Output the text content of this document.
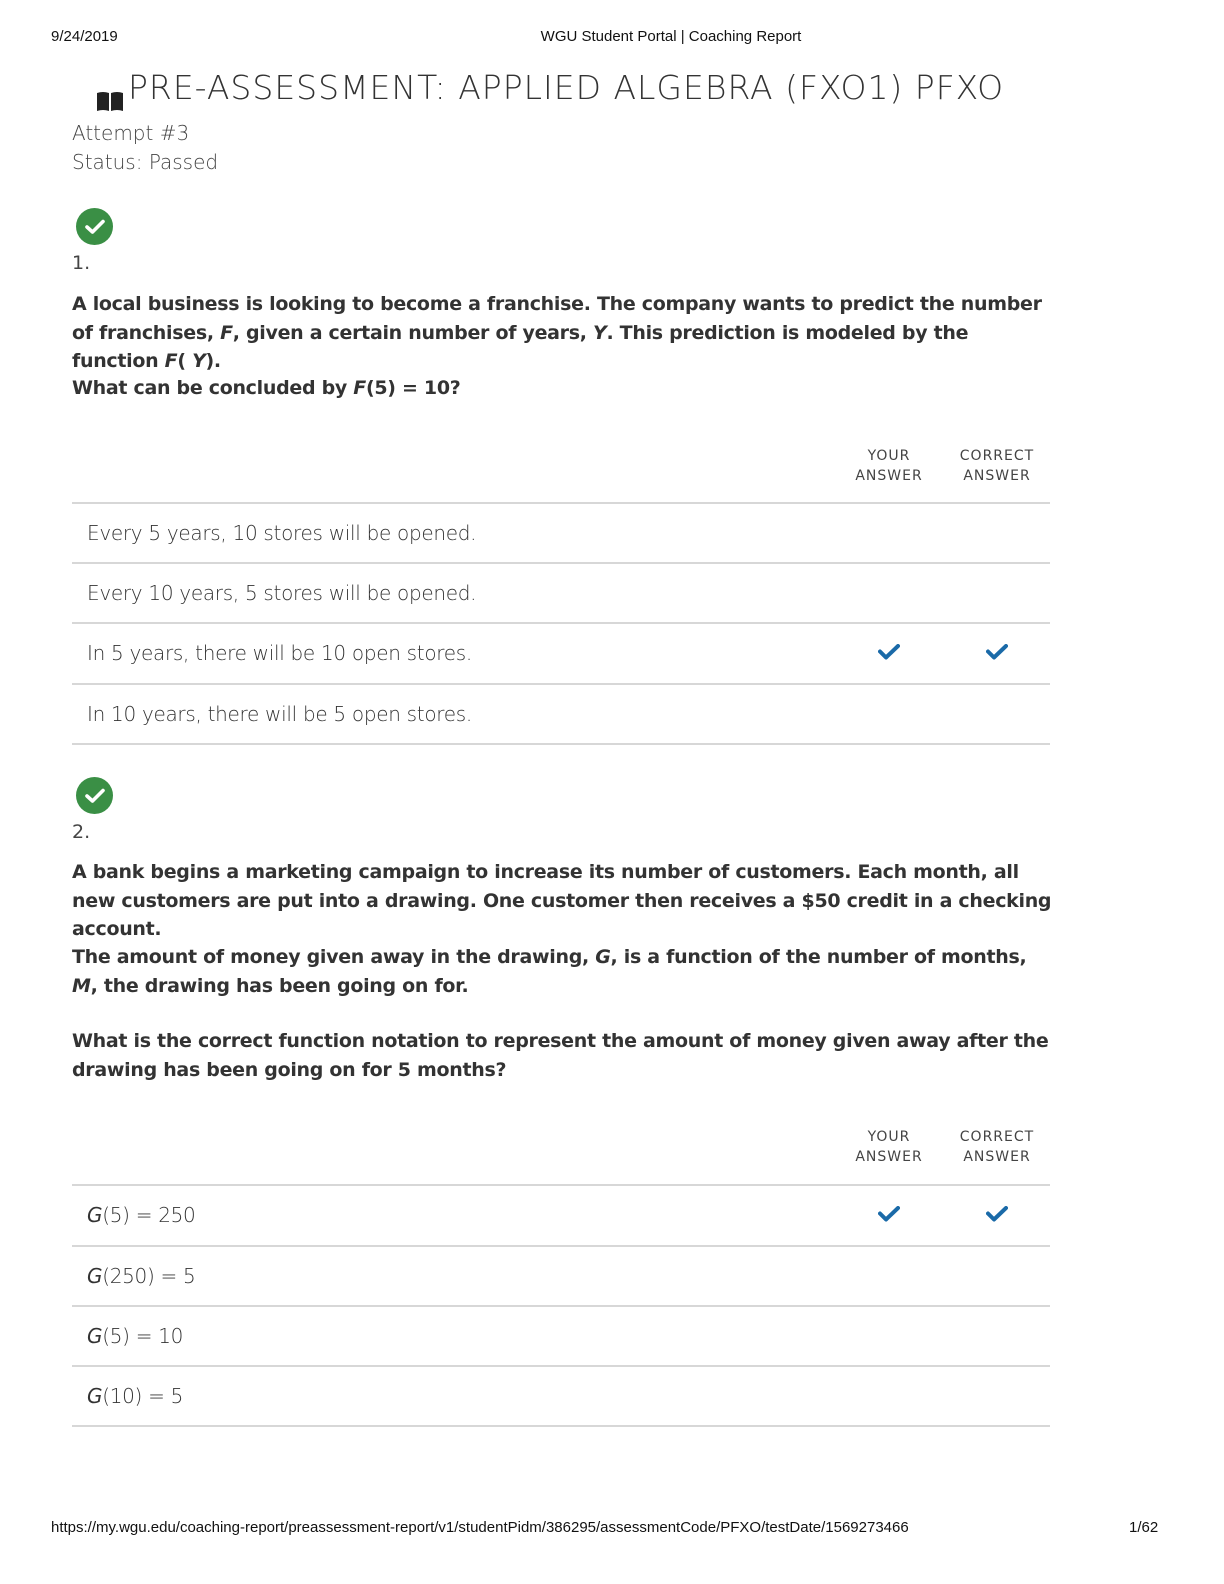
9/24/2019	WGU Student Portal | Coaching Report
PRE-ASSESSMENT: APPLIED ALGEBRA (FXO1) PFXO
Attempt #3
Status: Passed
1.
A local business is looking to become a franchise. The company wants to predict the number of franchises, F, given a certain number of years, Y. This prediction is modeled by the function F( Y).
What can be concluded by F(5) = 10?
YOUR
ANSWER
CORRECT
ANSWER
Every 5 years, 10 stores will be opened.
Every 10 years, 5 stores will be opened.
In 5 years, there will be 10 open stores.
In 10 years, there will be 5 open stores.
2.
A bank begins a marketing campaign to increase its number of customers. Each month, all new customers are put into a drawing. One customer then receives a $50 credit in a checking account.
The amount of money given away in the drawing, G, is a function of the number of months, M, the drawing has been going on for.
What is the correct function notation to represent the amount of money given away after the drawing has been going on for 5 months?
YOUR
ANSWER
CORRECT
ANSWER
G(5) = 250
G(250) = 5
G(5) = 10
G(10) = 5
https://my.wgu.edu/coaching-report/preassessment-report/v1/studentPidm/386295/assessmentCode/PFXO/testDate/1569273466	1/62
